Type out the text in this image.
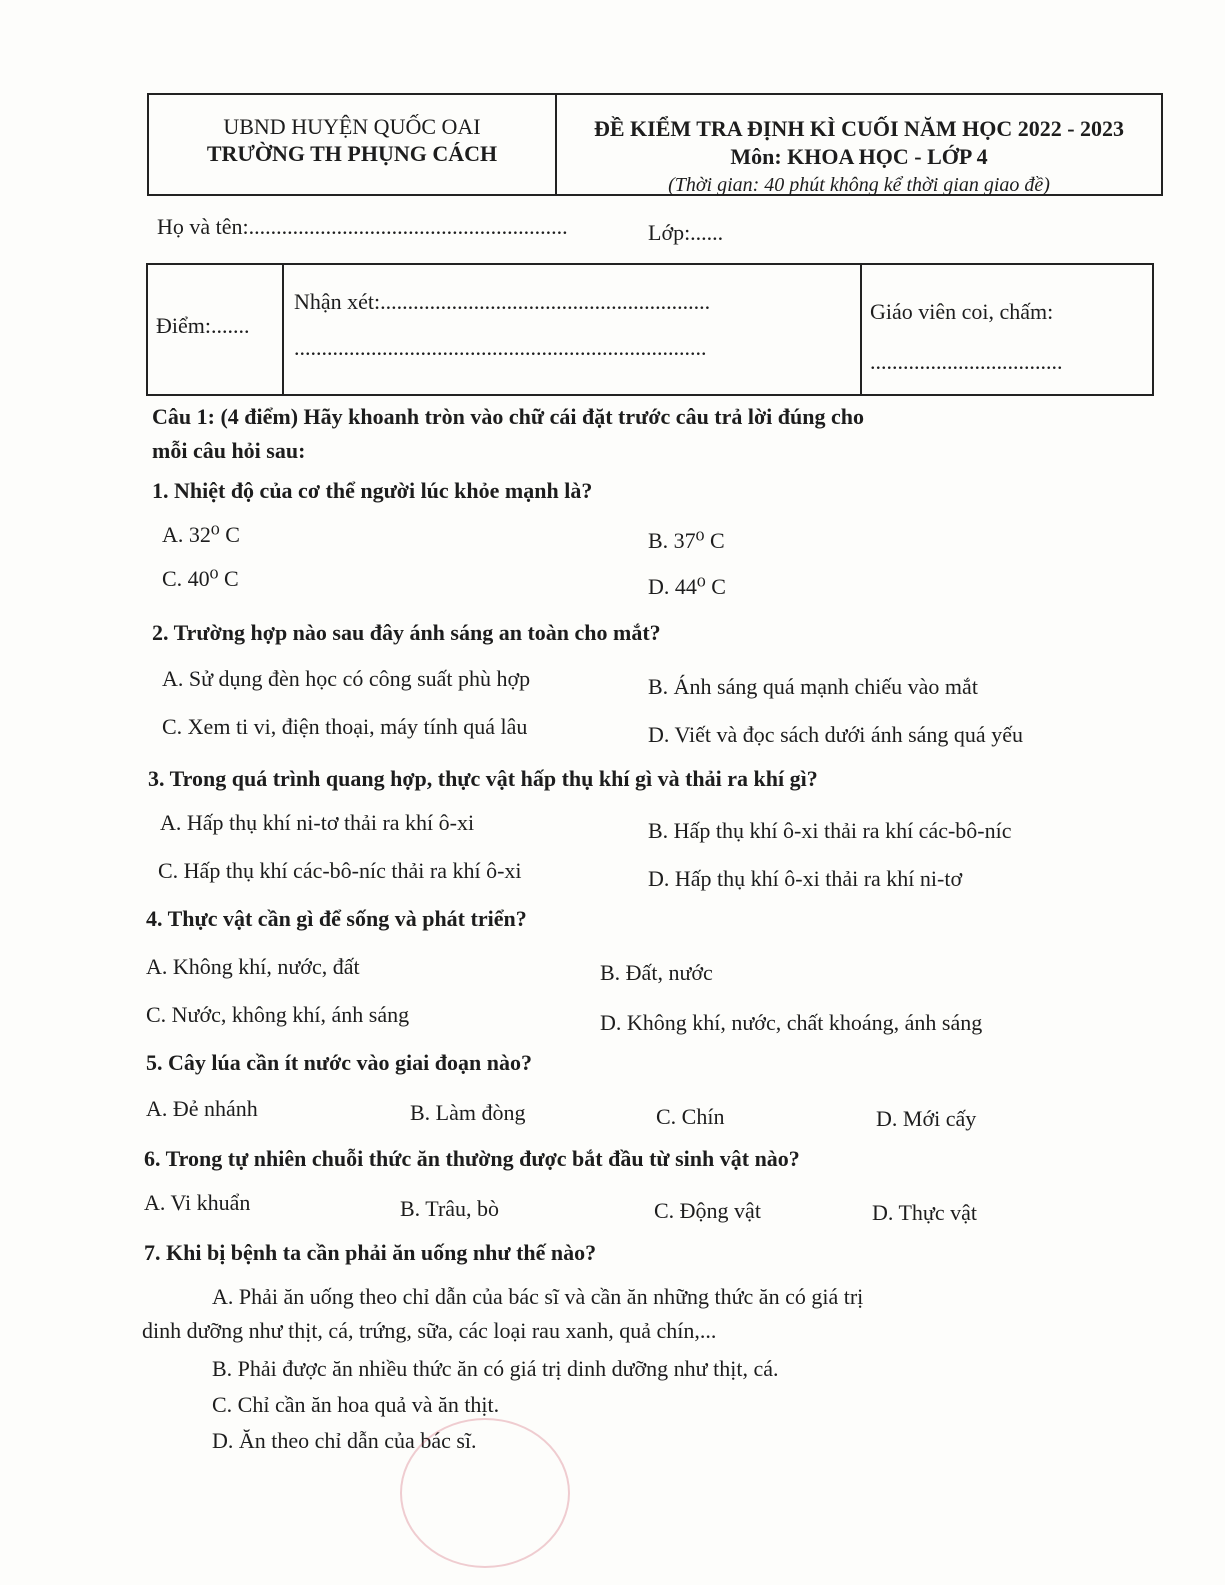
UBND HUYỆN QUỐC OAI
TRƯỜNG TH PHỤNG CÁCH
ĐỀ KIỂM TRA ĐỊNH KÌ CUỐI NĂM HỌC 2022 - 2023
Môn: KHOA HỌC - LỚP 4
(Thời gian: 40 phút không kể thời gian giao đề)
Họ và tên:..........................................................	Lớp:......
Điểm:.......
Nhận xét:............................................................
...........................................................................
Giáo viên coi, chấm:
...................................
Câu 1: (4 điểm) Hãy khoanh tròn vào chữ cái đặt trước câu trả lời đúng cho
mỗi câu hỏi sau:
1. Nhiệt độ của cơ thể người lúc khỏe mạnh là?
A. 32⁰ C	B. 37⁰ C
C. 40⁰ C	D. 44⁰ C
2. Trường hợp nào sau đây ánh sáng an toàn cho mắt?
A. Sử dụng đèn học có công suất phù hợp	B. Ánh sáng quá mạnh chiếu vào mắt
C. Xem ti vi, điện thoại, máy tính quá lâu	D. Viết và đọc sách dưới ánh sáng quá yếu
3. Trong quá trình quang hợp, thực vật hấp thụ khí gì và thải ra khí gì?
A. Hấp thụ khí ni-tơ thải ra khí ô-xi	B. Hấp thụ khí ô-xi thải ra khí các-bô-níc
C. Hấp thụ khí các-bô-níc thải ra khí ô-xi	D. Hấp thụ khí ô-xi thải ra khí ni-tơ
4. Thực vật cần gì để sống và phát triển?
A. Không khí, nước, đất	B. Đất, nước
C. Nước, không khí, ánh sáng	D. Không khí, nước, chất khoáng, ánh sáng
5. Cây lúa cần ít nước vào giai đoạn nào?
A. Đẻ nhánh	B. Làm đòng	C. Chín	D. Mới cấy
6. Trong tự nhiên chuỗi thức ăn thường được bắt đầu từ sinh vật nào?
A. Vi khuẩn	B. Trâu, bò	C. Động vật	D. Thực vật
7. Khi bị bệnh ta cần phải ăn uống như thế nào?
A. Phải ăn uống theo chỉ dẫn của bác sĩ và cần ăn những thức ăn có giá trị
dinh dưỡng như thịt, cá, trứng, sữa, các loại rau xanh, quả chín,...
B. Phải được ăn nhiều thức ăn có giá trị dinh dưỡng như thịt, cá.
C. Chỉ cần ăn hoa quả và ăn thịt.
D. Ăn theo chỉ dẫn của bác sĩ.
